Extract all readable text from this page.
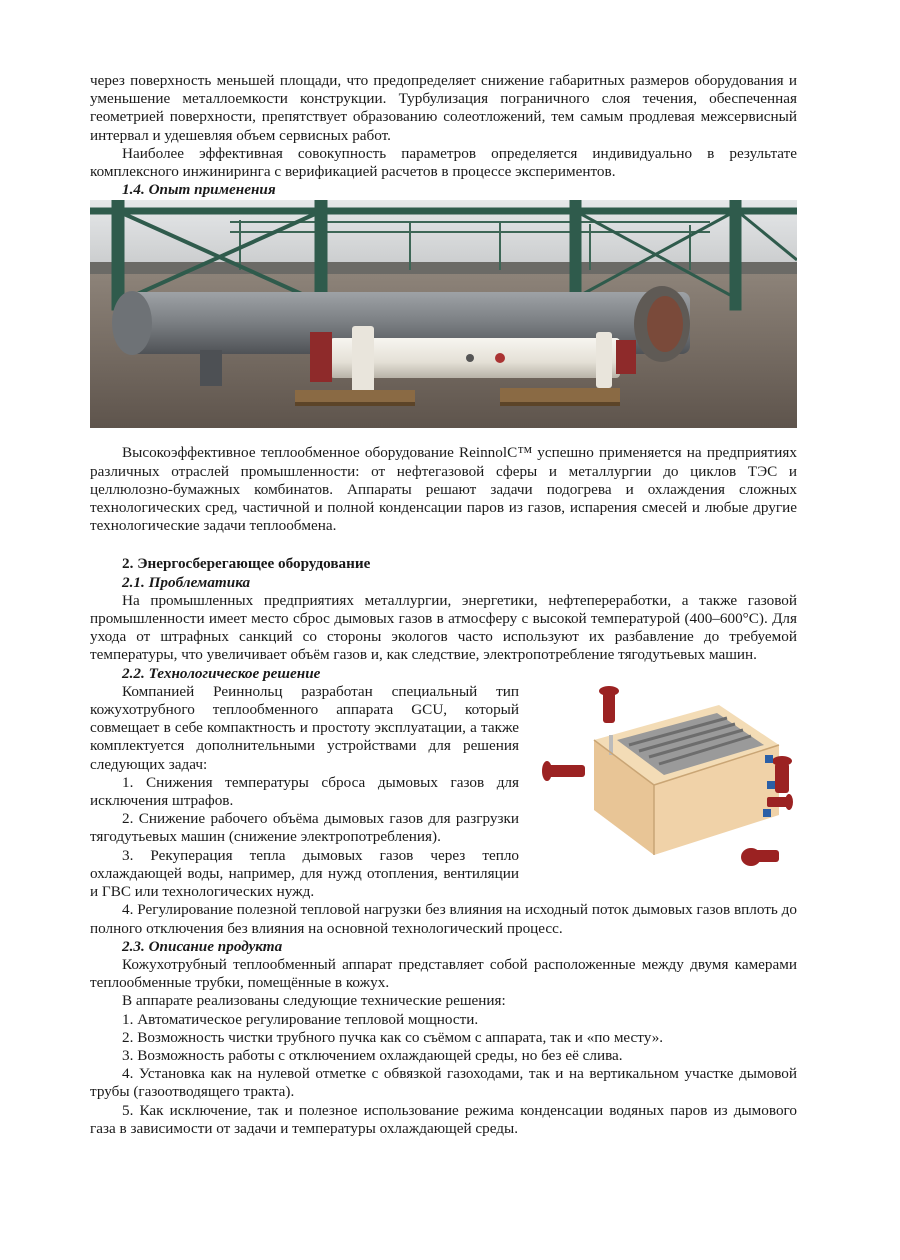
через поверхность меньшей площади, что предопределяет снижение габаритных размеров оборудования и уменьшение металлоемкости конструкции. Турбулизация пограничного слоя течения, обеспеченная геометрией поверхности, препятствует образованию солеотложений, тем самым продлевая межсервисный интервал и удешевляя объем сервисных работ.

Наиболее эффективная совокупность параметров определяется индивидуально в результате комплексного инжиниринга с верификацией расчетов в процессе экспериментов.

1.4. Опыт применения

Высокоэффективное теплообменное оборудование ReinnolC™ успешно применяется на предприятиях различных отраслей промышленности: от нефтегазовой сферы и металлургии до циклов ТЭС и целлюлозно-бумажных комбинатов. Аппараты решают задачи подогрева и охлаждения сложных технологических сред, частичной и полной конденсации паров из газов, испарения смесей и любые другие технологические задачи теплообмена.

2. Энергосберегающее оборудование

2.1. Проблематика

На промышленных предприятиях металлургии, энергетики, нефтепереработки, а также газовой промышленности имеет место сброс дымовых газов в атмосферу с высокой температурой (400–600°С). Для ухода от штрафных санкций со стороны экологов часто используют их разбавление до требуемой температуры, что увеличивает объём газов и, как следствие, электропотребление тягодутьевых машин.

2.2. Технологическое решение

Компанией Реиннольц разработан специальный тип кожухотрубного теплообменного аппарата GCU, который совмещает в себе компактность и простоту эксплуатации, а также комплектуется дополнительными устройствами для решения следующих задач:

1. Снижения температуры сброса дымовых газов для исключения штрафов.

2. Снижение рабочего объёма дымовых газов для разгрузки тягодутьевых машин (снижение электропотребления).

3. Рекуперация тепла дымовых газов через тепло охлаждающей воды, например, для нужд отопления, вентиляции и ГВС или технологических нужд.

4. Регулирование полезной тепловой нагрузки без влияния на исходный поток дымовых газов вплоть до полного отключения без влияния на основной технологический процесс.

2.3. Описание продукта

Кожухотрубный теплообменный аппарат представляет собой расположенные между двумя камерами теплообменные трубки, помещённые в кожух.

В аппарате реализованы следующие технические решения:

1. Автоматическое регулирование тепловой мощности.

2. Возможность чистки трубного пучка как со съёмом с аппарата, так и «по месту».

3. Возможность работы с отключением охлаждающей среды, но без её слива.

4. Установка как на нулевой отметке с обвязкой газоходами, так и на вертикальном участке дымовой трубы (газоотводящего тракта).

5. Как исключение, так и полезное использование режима конденсации водяных паров из дымового газа в зависимости от задачи и температуры охлаждающей среды.
